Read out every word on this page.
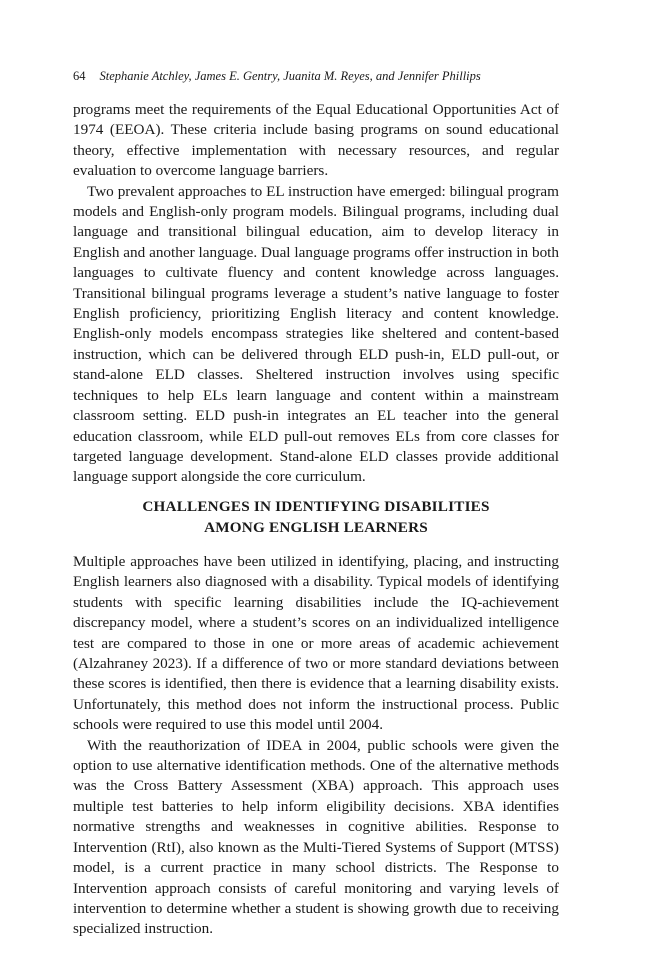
64 Stephanie Atchley, James E. Gentry, Juanita M. Reyes, and Jennifer Phillips

programs meet the requirements of the Equal Educational Opportunities Act of 1974 (EEOA). These criteria include basing programs on sound educational theory, effective implementation with necessary resources, and regular evaluation to overcome language barriers.

Two prevalent approaches to EL instruction have emerged: bilingual program models and English-only program models. Bilingual programs, including dual language and transitional bilingual education, aim to develop literacy in English and another language. Dual language programs offer instruction in both languages to cultivate fluency and content knowledge across languages. Transitional bilingual programs leverage a student’s native language to foster English proficiency, prioritizing English literacy and content knowledge. English-only models encompass strategies like sheltered and content-based instruction, which can be delivered through ELD push-in, ELD pull-out, or stand-alone ELD classes. Sheltered instruction involves using specific techniques to help ELs learn language and content within a mainstream classroom setting. ELD push-in integrates an EL teacher into the general education classroom, while ELD pull-out removes ELs from core classes for targeted language development. Stand-alone ELD classes provide additional language support alongside the core curriculum.

CHALLENGES IN IDENTIFYING DISABILITIES
AMONG ENGLISH LEARNERS

Multiple approaches have been utilized in identifying, placing, and instructing English learners also diagnosed with a disability. Typical models of identifying students with specific learning disabilities include the IQ-achievement discrepancy model, where a student’s scores on an individualized intelligence test are compared to those in one or more areas of academic achievement (Alzahraney 2023). If a difference of two or more standard deviations between these scores is identified, then there is evidence that a learning disability exists. Unfortunately, this method does not inform the instructional process. Public schools were required to use this model until 2004.

With the reauthorization of IDEA in 2004, public schools were given the option to use alternative identification methods. One of the alternative methods was the Cross Battery Assessment (XBA) approach. This approach uses multiple test batteries to help inform eligibility decisions. XBA identifies normative strengths and weaknesses in cognitive abilities. Response to Intervention (RtI), also known as the Multi-Tiered Systems of Support (MTSS) model, is a current practice in many school districts. The Response to Intervention approach consists of careful monitoring and varying levels of intervention to determine whether a student is showing growth due to receiving specialized instruction.
